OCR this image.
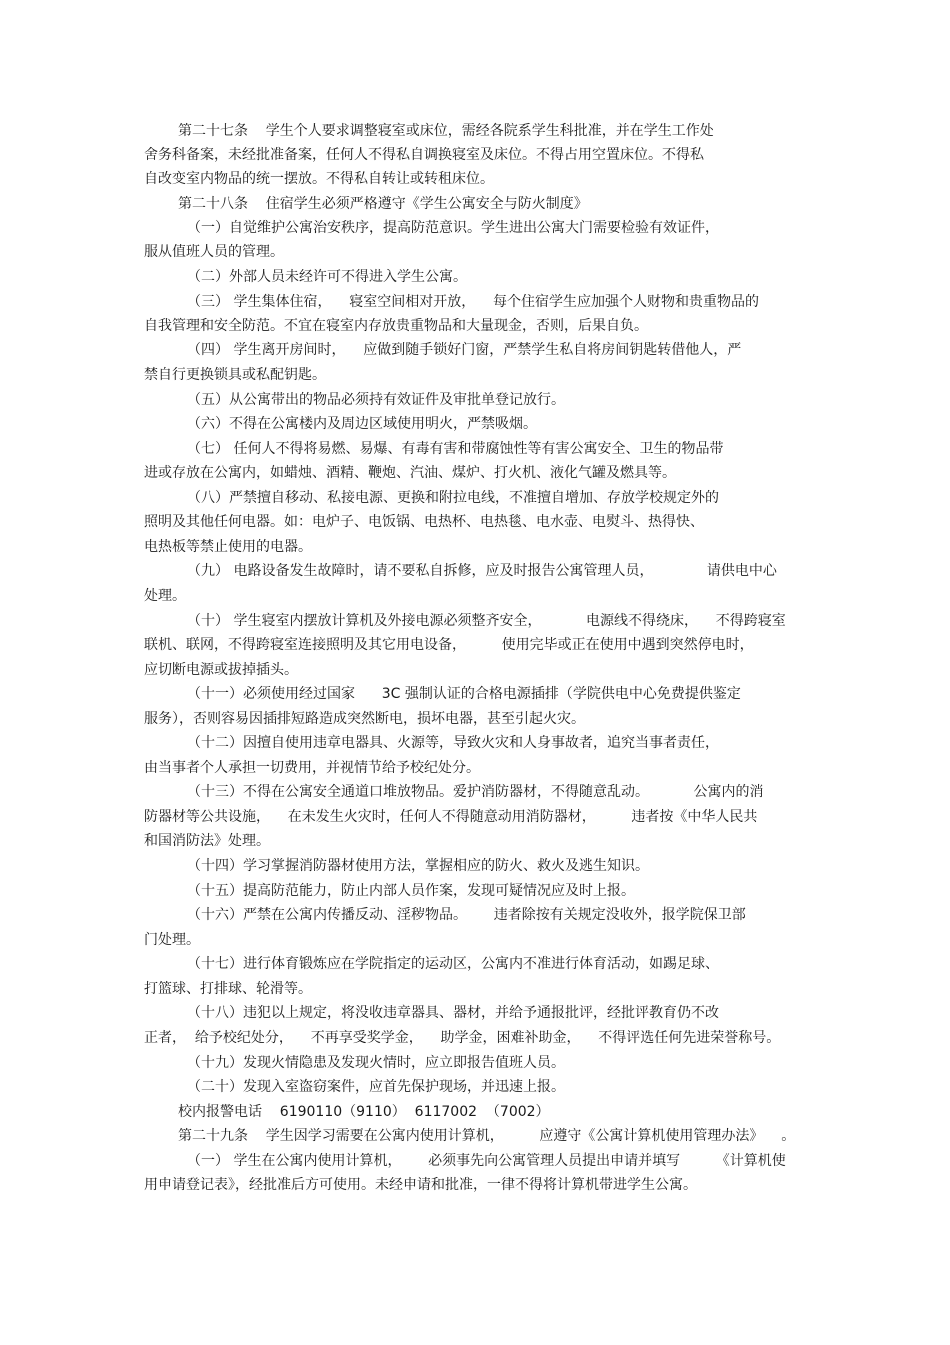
第二十七条    学生个人要求调整寝室或床位，需经各院系学生科批准，并在学生工作处
舍务科备案，未经批准备案，任何人不得私自调换寝室及床位。不得占用空置床位。不得私
自改变室内物品的统一摆放。不得私自转让或转租床位。
第二十八条    住宿学生必须严格遵守《学生公寓安全与防火制度》
（一）自觉维护公寓治安秩序，提高防范意识。学生进出公寓大门需要检验有效证件，
服从值班人员的管理。
（二）外部人员未经许可不得进入学生公寓。
（三） 学生集体住宿，    寝室空间相对开放，    每个住宿学生应加强个人财物和贵重物品的
自我管理和安全防范。不宜在寝室内存放贵重物品和大量现金，否则，后果自负。
（四） 学生离开房间时，    应做到随手锁好门窗，严禁学生私自将房间钥匙转借他人，严
禁自行更换锁具或私配钥匙。
（五）从公寓带出的物品必须持有效证件及审批单登记放行。
（六）不得在公寓楼内及周边区域使用明火，严禁吸烟。
（七） 任何人不得将易燃、易爆、有毒有害和带腐蚀性等有害公寓安全、卫生的物品带
进或存放在公寓内，如蜡烛、酒精、鞭炮、汽油、煤炉、打火机、液化气罐及燃具等。
（八）严禁擅自移动、私接电源、更换和附拉电线，不准擅自增加、存放学校规定外的
照明及其他任何电器。如：电炉子、电饭锅、电热杯、电热毯、电水壶、电熨斗、热得快、
电热板等禁止使用的电器。
（九） 电路设备发生故障时，请不要私自拆修，应及时报告公寓管理人员，            请供电中心
处理。
（十） 学生寝室内摆放计算机及外接电源必须整齐安全，          电源线不得绕床，    不得跨寝室
联机、联网，不得跨寝室连接照明及其它用电设备，        使用完毕或正在使用中遇到突然停电时，
应切断电源或拔掉插头。
（十一）必须使用经过国家      3C 强制认证的合格电源插排（学院供电中心免费提供鉴定
服务），否则容易因插排短路造成突然断电，损坏电器，甚至引起火灾。
（十二）因擅自使用违章电器具、火源等，导致火灾和人身事故者，追究当事者责任，
由当事者个人承担一切费用，并视情节给予校纪处分。
（十三）不得在公寓安全通道口堆放物品。爱护消防器材，不得随意乱动。          公寓内的消
防器材等公共设施，    在未发生火灾时，任何人不得随意动用消防器材，        违者按《中华人民共
和国消防法》处理。
（十四）学习掌握消防器材使用方法，掌握相应的防火、救火及逃生知识。
（十五）提高防范能力，防止内部人员作案，发现可疑情况应及时上报。
（十六）严禁在公寓内传播反动、淫秽物品。      违者除按有关规定没收外，报学院保卫部
门处理。
（十七）进行体育锻炼应在学院指定的运动区，公寓内不准进行体育活动，如踢足球、
打篮球、打排球、轮滑等。
（十八）违犯以上规定，将没收违章器具、器材，并给予通报批评，经批评教育仍不改
正者，  给予校纪处分，    不再享受奖学金，    助学金，困难补助金，    不得评选任何先进荣誉称号。
（十九）发现火情隐患及发现火情时，应立即报告值班人员。
（二十）发现入室盗窃案件，应首先保护现场，并迅速上报。
校内报警电话    6190110（9110）  6117002  （7002）
第二十九条    学生因学习需要在公寓内使用计算机，        应遵守《公寓计算机使用管理办法》    。
（一） 学生在公寓内使用计算机，      必须事先向公寓管理人员提出申请并填写        《计算机使
用申请登记表》，经批准后方可使用。未经申请和批准，一律不得将计算机带进学生公寓。
